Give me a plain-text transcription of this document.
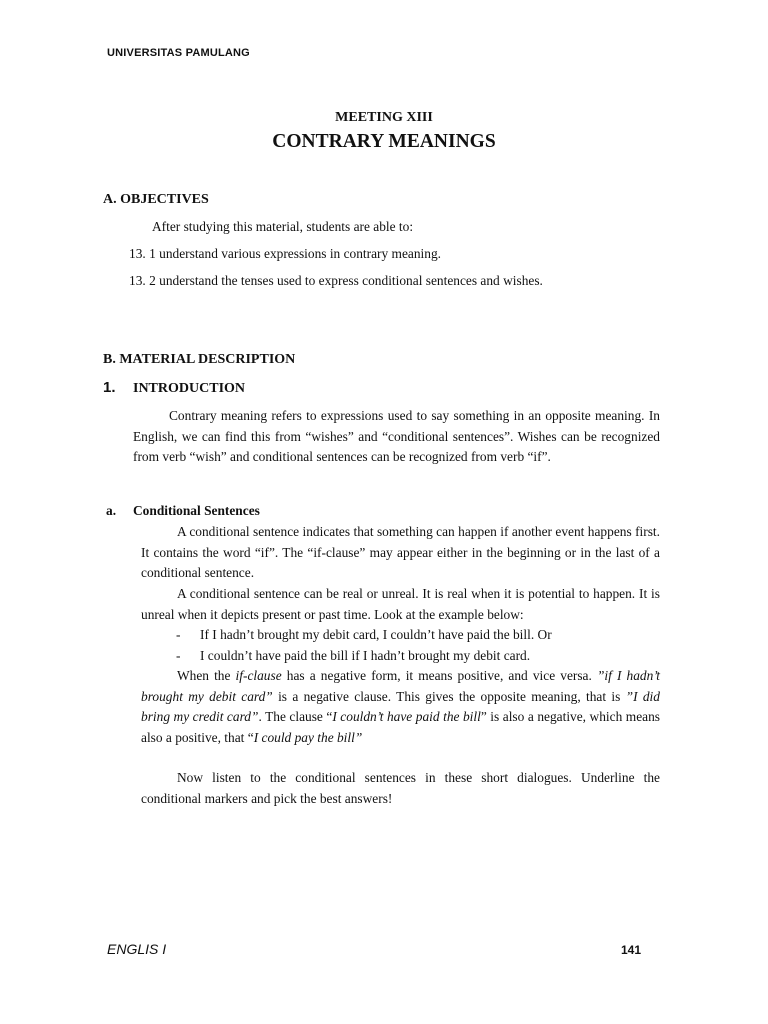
UNIVERSITAS PAMULANG
MEETING XIII
CONTRARY MEANINGS
A. OBJECTIVES
After studying this material, students are able to:
13. 1 understand various expressions in contrary meaning.
13. 2 understand the tenses used to express conditional sentences and wishes.
B. MATERIAL DESCRIPTION
1. INTRODUCTION

Contrary meaning refers to expressions used to say something in an opposite meaning. In English, we can find this from “wishes” and “conditional sentences”. Wishes can be recognized from verb “wish” and conditional sentences can be recognized from verb “if”.

a. Conditional Sentences

A conditional sentence indicates that something can happen if another event happens first. It contains the word “if”. The “if-clause” may appear either in the beginning or in the last of a conditional sentence.

A conditional sentence can be real or unreal. It is real when it is potential to happen. It is unreal when it depicts present or past time. Look at the example below:

- If I hadn’t brought my debit card, I couldn’t have paid the bill. Or
- I couldn’t have paid the bill if I hadn’t brought my debit card.

When the if-clause has a negative form, it means positive, and vice versa. ”if I hadn’t brought my debit card” is a negative clause. This gives the opposite meaning, that is ”I did bring my credit card”. The clause “I couldn’t have paid the bill” is also a negative, which means also a positive, that “I could pay the bill”

Now listen to the conditional sentences in these short dialogues. Underline the conditional markers and pick the best answers!

ENGLIS I	141
